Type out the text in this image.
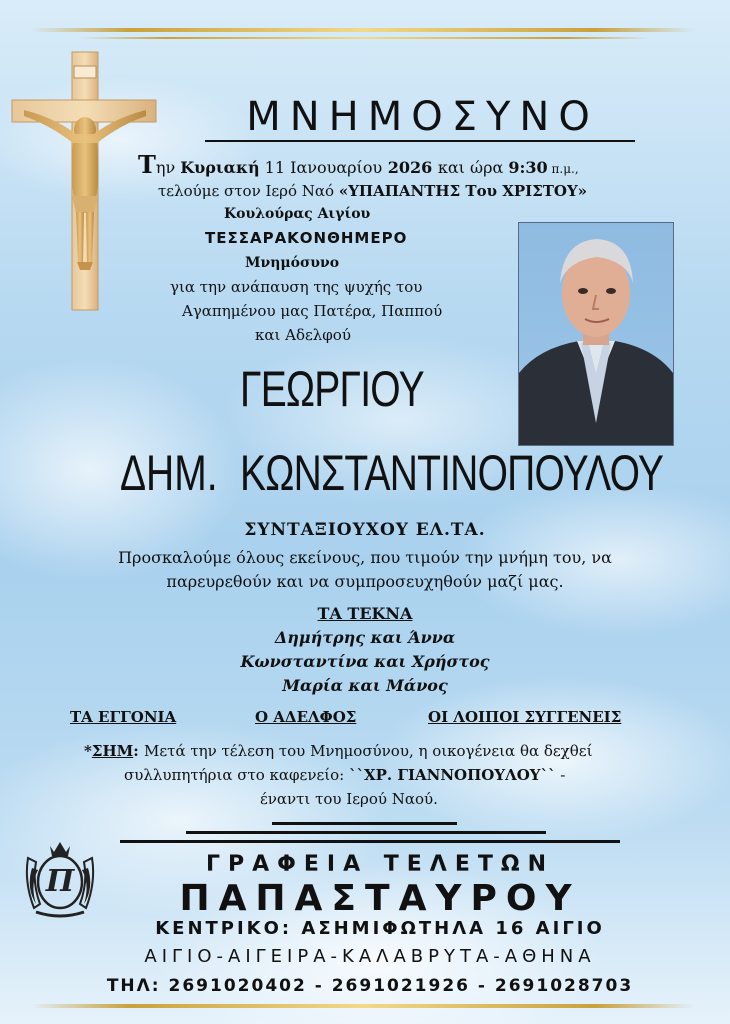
ΜΝΗΜΟΣΥΝΟ
Την Κυριακή 11 Ιανουαρίου 2026 και ώρα 9:30 π.μ.,
τελούμε στον Ιερό Ναό «ΥΠΑΠΑΝΤΗΣ Του ΧΡΙΣΤΟΥ»
Κουλούρας Αιγίου
ΤΕΣΣΑΡΑΚΟΝΘΗΜΕΡΟ
Μνημόσυνο
για την ανάπαυση της ψυχής του
Αγαπημένου μας Πατέρα, Παππού
και Αδελφού
ΓΕΩΡΓΙΟΥ
ΔΗΜ. ΚΩΝΣΤΑΝΤΙΝΟΠΟΥΛΟΥ
ΣΥΝΤΑΞΙΟΥΧΟΥ ΕΛ.ΤΑ.
Προσκαλούμε όλους εκείνους, που τιμούν την μνήμη του, να
παρευρεθούν και να συμπροσευχηθούν μαζί μας.
ΤΑ ΤΕΚΝΑ
Δημήτρης και Άννα
Κωνσταντίνα και Χρήστος
Μαρία και Μάνος
ΤΑ ΕΓΓΟΝΙΑ	Ο ΑΔΕΛΦΟΣ	ΟΙ ΛΟΙΠΟΙ ΣΥΓΓΕΝΕΙΣ
*ΣΗΜ: Μετά την τέλεση του Μνημοσύνου, η οικογένεια θα δεχθεί
συλλυπητήρια στο καφενείο: ``ΧΡ. ΓΙΑΝΝΟΠΟΥΛΟΥ`` -
έναντι του Ιερού Ναού.
Π	ΓΡΑΦΕΙΑ ΤΕΛΕΤΩΝ
ΠΑΠΑΣΤΑΥΡΟΥ
ΚΕΝΤΡΙΚΟ: ΑΣΗΜΙΦΩΤΗΛΑ 16 ΑΙΓΙΟ
ΑΙΓΙΟ-ΑΙΓΕΙΡΑ-ΚΑΛΑΒΡΥΤΑ-ΑΘΗΝΑ
ΤΗΛ: 2691020402 - 2691021926 - 2691028703
